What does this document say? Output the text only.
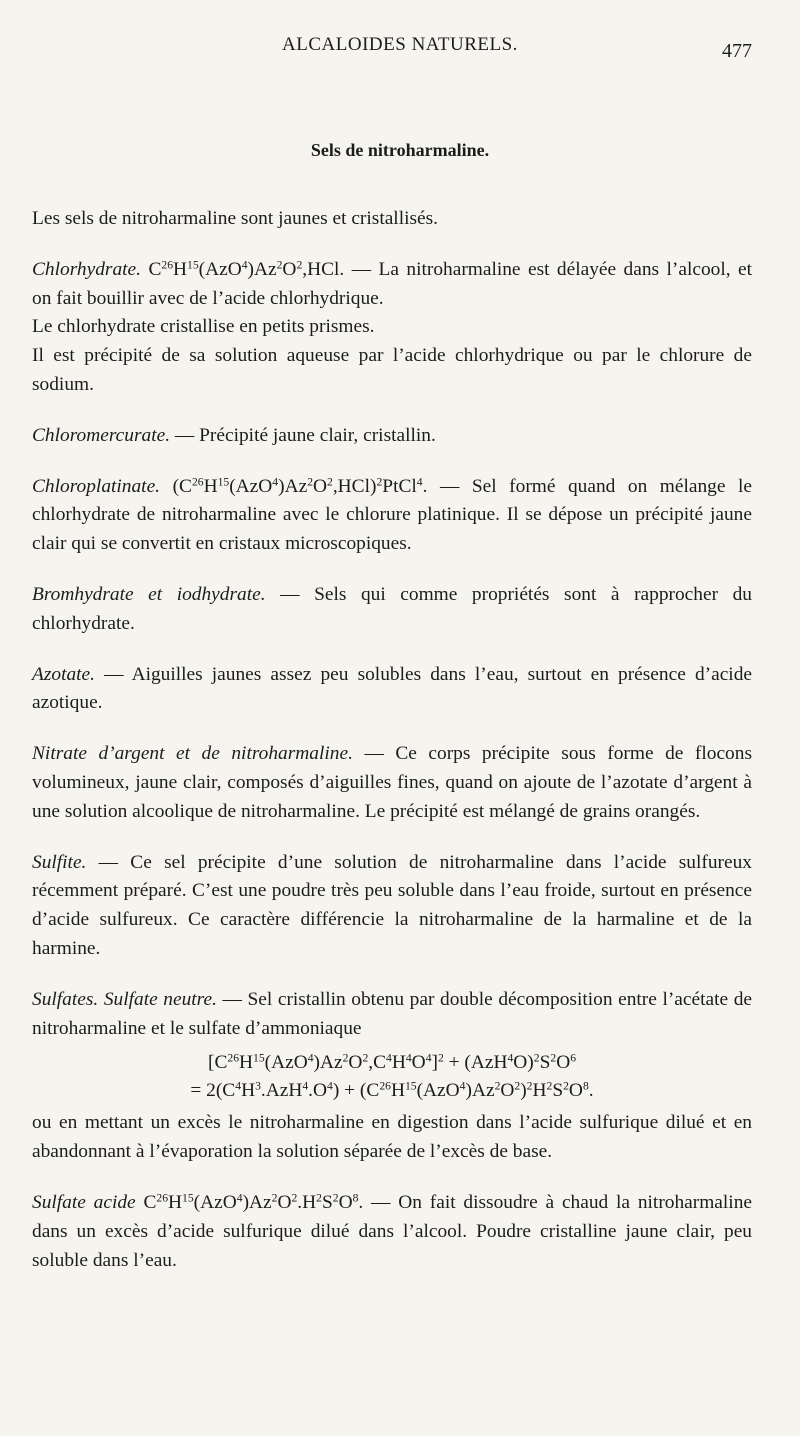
ALCALOIDES NATURELS.	477
Sels de nitroharmaline.

Les sels de nitroharmaline sont jaunes et cristallisés.

Chlorhydrate. $C^{26}H^{15}(AzO^4)Az^2O^2,HCl$. — La nitroharmaline est délayée dans l’alcool, et on fait bouillir avec de l’acide chlorhydrique.

Le chlorhydrate cristallise en petits prismes.

Il est précipité de sa solution aqueuse par l’acide chlorhydrique ou par le chlorure de sodium.

Chloromercurate. — Précipité jaune clair, cristallin.

Chloroplatinate. $(C^{26}H^{15}(AzO^4)Az^2O^2,HCl)^2PtCl^4$. — Sel formé quand on mélange le chlorhydrate de nitroharmaline avec le chlorure platinique. Il se dépose un précipité jaune clair qui se convertit en cristaux microscopiques.

Bromhydrate et iodhydrate. — Sels qui comme propriétés sont à rapprocher du chlorhydrate.

Azotate. — Aiguilles jaunes assez peu solubles dans l’eau, surtout en présence d’acide azotique.

Nitrate d’argent et de nitroharmaline. — Ce corps précipite sous forme de flocons volumineux, jaune clair, composés d’aiguilles fines, quand on ajoute de l’azotate d’argent à une solution alcoolique de nitroharmaline. Le précipité est mélangé de grains orangés.

Sulfite. — Ce sel précipite d’une solution de nitroharmaline dans l’acide sulfureux récemment préparé. C’est une poudre très peu soluble dans l’eau froide, surtout en présence d’acide sulfureux. Ce caractère différencie la nitroharmaline de la harmaline et de la harmine.

Sulfates. Sulfate neutre. — Sel cristallin obtenu par double décomposition entre l’acétate de nitroharmaline et le sulfate d’ammoniaque

$[C^{26}H^{15}(AzO^4)Az^2O^2,C^4H^4O^4]^2 + (AzH^4O)^2S^2O^6$
= $2(C^4H^3.AzH^4.O^4) + (C^{26}H^{15}(AzO^4)Az^2O^2)^2H^2S^2O^8$.

ou en mettant un excès le nitroharmaline en digestion dans l’acide sulfurique dilué et en abandonnant à l’évaporation la solution séparée de l’excès de base.

Sulfate acide $C^{26}H^{15}(AzO^4)Az^2O^2.H^2S^2O^8$. — On fait dissoudre à chaud la nitroharmaline dans un excès d’acide sulfurique dilué dans l’alcool. Poudre cristalline jaune clair, peu soluble dans l’eau.
